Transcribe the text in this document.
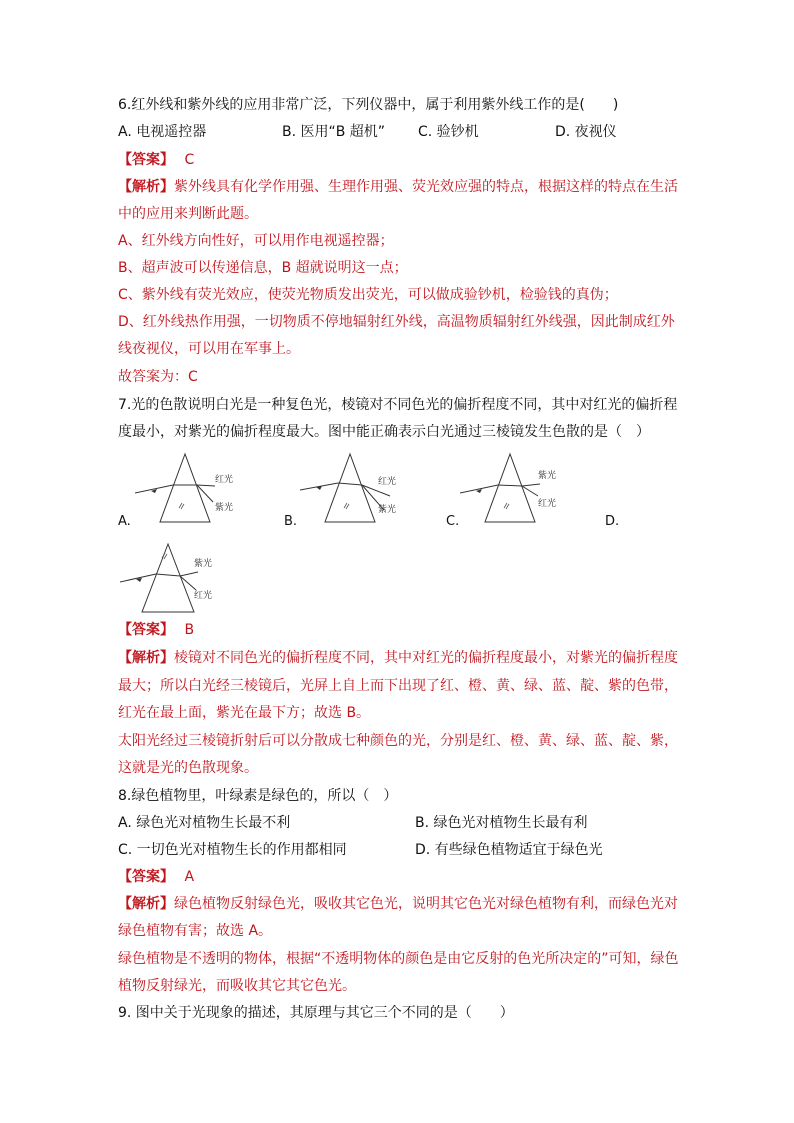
6.红外线和紫外线的应用非常广泛，下列仪器中，属于利用紫外线工作的是(　　)
A. 电视遥控器	B. 医用“B 超机” C. 验钞机	D. 夜视仪
【答案】 C
【解析】紫外线具有化学作用强、生理作用强、荧光效应强的特点，根据这样的特点在生活
中的应用来判断此题。
A、红外线方向性好，可以用作电视遥控器；
B、超声波可以传递信息，B 超就说明这一点；
C、紫外线有荧光效应，使荧光物质发出荧光，可以做成验钞机，检验钱的真伪；
D、红外线热作用强，一切物质不停地辐射红外线，高温物质辐射红外线强，因此制成红外
线夜视仪，可以用在军事上。
故答案为：C
7.光的色散说明白光是一种复色光，棱镜对不同色光的偏折程度不同，其中对红光的偏折程
度最小，对紫光的偏折程度最大。图中能正确表示白光通过三棱镜发生色散的是（　）
红光
紫光
A.
红光
紫光
B.
紫光
红光
C.	D.
紫光
红光
【答案】 B
【解析】棱镜对不同色光的偏折程度不同，其中对红光的偏折程度最小，对紫光的偏折程度
最大；所以白光经三棱镜后，光屏上自上而下出现了红、橙、黄、绿、蓝、靛、紫的色带，
红光在最上面，紫光在最下方；故选 B。
太阳光经过三棱镜折射后可以分散成七种颜色的光，分别是红、橙、黄、绿、蓝、靛、紫，
这就是光的色散现象。
8.绿色植物里，叶绿素是绿色的，所以（　）
A. 绿色光对植物生长最不利	B. 绿色光对植物生长最有利
C. 一切色光对植物生长的作用都相同	D. 有些绿色植物适宜于绿色光
【答案】 A
【解析】绿色植物反射绿色光，吸收其它色光，说明其它色光对绿色植物有利，而绿色光对
绿色植物有害；故选 A。
绿色植物是不透明的物体，根据“不透明物体的颜色是由它反射的色光所决定的”可知，绿色
植物反射绿光，而吸收其它其它色光。
9. 图中关于光现象的描述，其原理与其它三个不同的是（　　）
